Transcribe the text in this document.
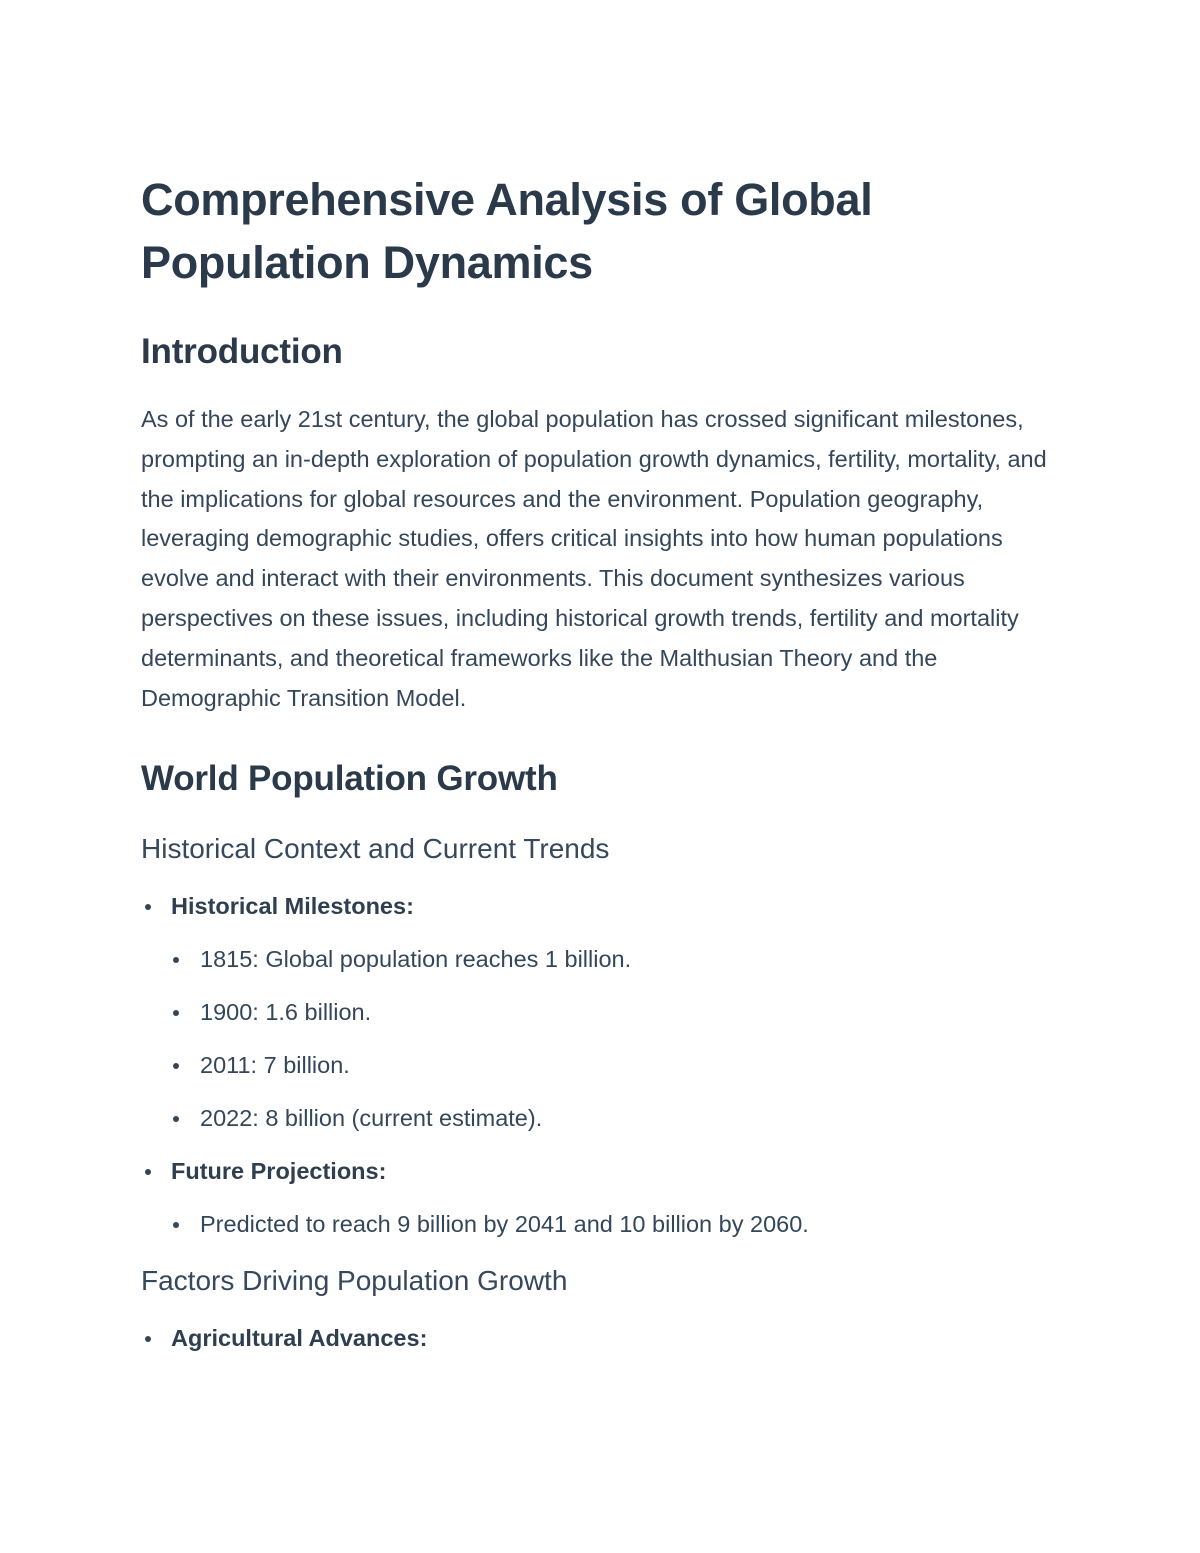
Comprehensive Analysis of Global Population Dynamics
Introduction

As of the early 21st century, the global population has crossed significant milestones, prompting an in-depth exploration of population growth dynamics, fertility, mortality, and the implications for global resources and the environment. Population geography, leveraging demographic studies, offers critical insights into how human populations evolve and interact with their environments. This document synthesizes various perspectives on these issues, including historical growth trends, fertility and mortality determinants, and theoretical frameworks like the Malthusian Theory and the Demographic Transition Model.

World Population Growth
Historical Context and Current Trends
Historical Milestones:
1815: Global population reaches 1 billion.
1900: 1.6 billion.
2011: 7 billion.
2022: 8 billion (current estimate).
Future Projections:
Predicted to reach 9 billion by 2041 and 10 billion by 2060.
Factors Driving Population Growth
Agricultural Advances:
